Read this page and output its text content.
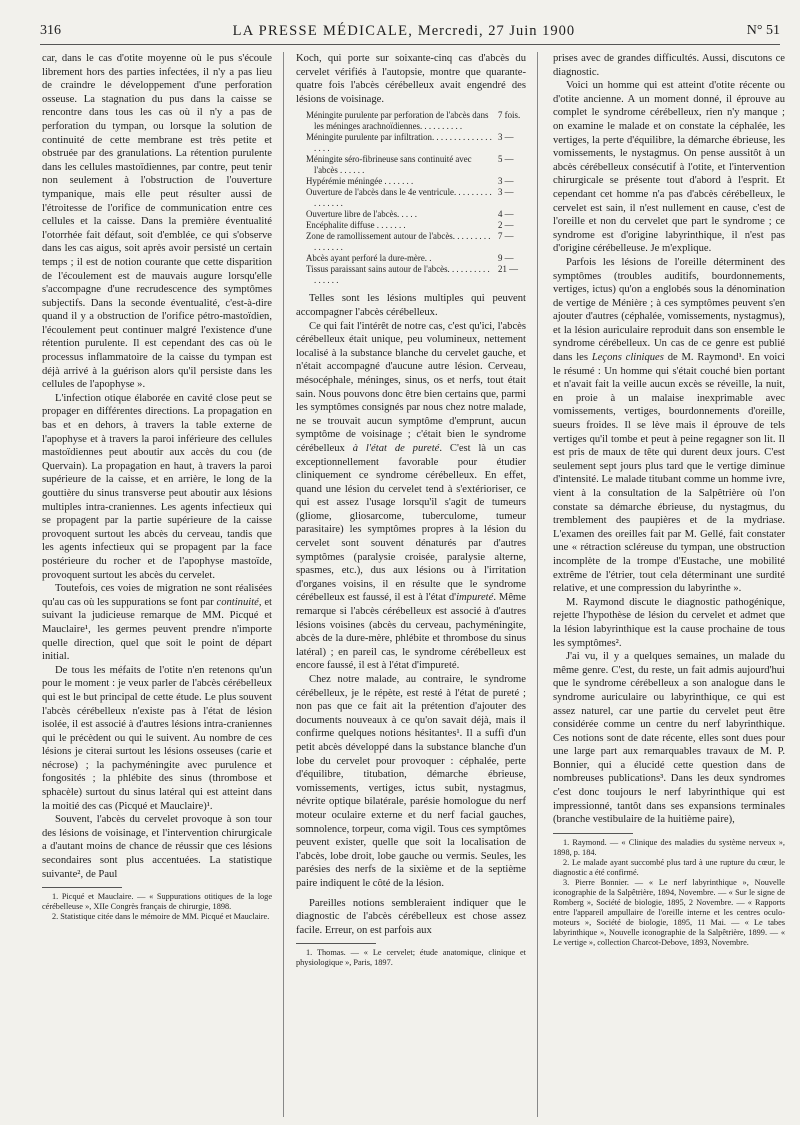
316	LA PRESSE MÉDICALE, Mercredi, 27 Juin 1900	N° 51

car, dans le cas d'otite moyenne où le pus s'écoule librement hors des parties infectées, il n'y a pas lieu de craindre le développement d'une perforation osseuse. La stagnation du pus dans la caisse se rencontre dans tous les cas où il n'y a pas de perforation du tympan, ou lorsque la solution de continuité de cette membrane est très petite et obstruée par des granulations. La rétention purulente dans les cellules mastoïdiennes, par contre, peut tenir non seulement à l'obstruction de l'ouverture tympanique, mais elle peut résulter aussi de l'étroitesse de l'orifice de communication entre ces cellules et la caisse. Dans la première éventualité l'otorrhée fait défaut, soit d'emblée, ce qui s'observe dans les cas aigus, soit après avoir persisté un certain temps ; il est de notion courante que cette disparition de l'écoulement est de mauvais augure lorsqu'elle s'accompagne d'une recrudescence des symptômes subjectifs. Dans la seconde éventualité, c'est-à-dire quand il y a obstruction de l'orifice pétro-mastoïdien, l'écoulement peut continuer malgré l'existence d'une rétention purulente. Il est cependant des cas où le processus inflammatoire de la caisse du tympan est déjà arrivé à la guérison alors qu'il persiste dans les cellules de l'apophyse ».

L'infection otique élaborée en cavité close peut se propager en différentes directions. La propagation en bas et en dehors, à travers la table externe de l'apophyse et à travers la paroi inférieure des cellules mastoïdiennes peut aboutir aux accès du cou (de Quervain). La propagation en haut, à travers la paroi supérieure de la caisse, et en arrière, le long de la gouttière du sinus transverse peut aboutir aux lésions multiples intra-craniennes. Les agents infectieux qui se propagent par la partie supérieure de la caisse provoquent surtout les abcès du cerveau, tandis que les agents infectieux qui se propagent par la face postérieure du rocher et de l'apophyse mastoïde, provoquent surtout les abcès du cervelet.

Toutefois, ces voies de migration ne sont réalisées qu'au cas où les suppurations se font par continuité, et suivant la judicieuse remarque de MM. Picqué et Mauclaire¹, les germes peuvent prendre n'importe quelle direction, quel que soit le point de départ initial.

De tous les méfaits de l'otite n'en retenons qu'un pour le moment : je veux parler de l'abcès cérébelleux qui est le but principal de cette étude. Le plus souvent l'abcès cérébelleux n'existe pas à l'état de lésion isolée, il est associé à d'autres lésions intra-craniennes qui le précèdent ou qui le suivent. Au nombre de ces lésions je citerai surtout les lésions osseuses (carie et nécrose) ; la pachyméningite avec purulence et fongosités ; la phlébite des sinus (thrombose et sphacèle) surtout du sinus latéral qui est atteint dans la moitié des cas (Picqué et Mauclaire)¹.

Souvent, l'abcès du cervelet provoque à son tour des lésions de voisinage, et l'intervention chirurgicale a d'autant moins de chance de réussir que ces lésions secondaires sont plus accentuées. La statistique suivante², de Paul

1. Picqué et Mauclaire. — « Suppurations otitiques de la loge cérébelleuse », XIIe Congrès français de chirurgie, 1898.

2. Statistique citée dans le mémoire de MM. Picqué et Mauclaire.

Koch, qui porte sur soixante-cinq cas d'abcès du cervelet vérifiés à l'autopsie, montre que quarante-quatre fois l'abcès cérébelleux avait engendré des lésions de voisinage.

Méningite purulente par perforation de l'abcès dans les méninges arachnoïdiennes. . . . . . . . . .
7 fois.
Méningite purulente par infiltration. . . . . . . . . . . . . . . . . .
3 —
Méningite séro-fibrineuse sans continuité avec l'abcès . . . . . .
5 —
Hypérémie méningée . . . . . . .	3 —
Ouverture de l'abcès dans le 4e ventricule. . . . . . . . . . . . . . . .
3 —
Ouverture libre de l'abcès. . . . .	4 —
Encéphalite diffuse . . . . . . .	2 —
Zone de ramollissement autour de l'abcès. . . . . . . . . . . . . . . .
7 —
Abcès ayant perforé la dure-mère. .	9 —
Tissus paraissant sains autour de l'abcès. . . . . . . . . . . . . . . .
21 —

Telles sont les lésions multiples qui peuvent accompagner l'abcès cérébelleux.

Ce qui fait l'intérêt de notre cas, c'est qu'ici, l'abcès cérébelleux était unique, peu volumineux, nettement localisé à la substance blanche du cervelet gauche, et n'était accompagné d'aucune autre lésion. Cerveau, mésocéphale, méninges, sinus, os et nerfs, tout était sain. Nous pouvons donc être bien certains que, parmi les symptômes consignés par nous chez notre malade, ne se trouvait aucun symptôme d'emprunt, aucun symptôme de voisinage ; c'était bien le syndrome cérébelleux à l'état de pureté. C'est là un cas exceptionnellement favorable pour étudier cliniquement ce syndrome cérébelleux. En effet, quand une lésion du cervelet tend à s'extérioriser, ce qui est assez l'usage lorsqu'il s'agit de tumeurs (gliome, gliosarcome, tuberculome, tumeur parasitaire) les symptômes propres à la lésion du cervelet sont souvent dénaturés par d'autres symptômes (paralysie croisée, paralysie alterne, spasmes, etc.), dus aux lésions ou à l'irritation d'organes voisins, il en résulte que le syndrome cérébelleux est faussé, il est à l'état d'impureté. Même remarque si l'abcès cérébelleux est associé à d'autres lésions voisines (abcès du cerveau, pachyméningite, abcès de la dure-mère, phlébite et thrombose du sinus latéral) ; en pareil cas, le syndrome cérébelleux est encore faussé, il est à l'état d'impureté.

Chez notre malade, au contraire, le syndrome cérébelleux, je le répète, est resté à l'état de pureté ; non pas que ce fait ait la prétention d'ajouter des documents nouveaux à ce qu'on savait déjà, mais il confirme quelques notions hésitantes¹. Il a suffi d'un petit abcès développé dans la substance blanche d'un lobe du cervelet pour provoquer : céphalée, perte d'équilibre, titubation, démarche ébrieuse, vomissements, vertiges, ictus subit, nystagmus, névrite optique bilatérale, parésie homologue du nerf moteur oculaire externe et du nerf facial gauches, somnolence, torpeur, coma vigil. Tous ces symptômes peuvent exister, quelle que soit la localisation de l'abcès, lobe droit, lobe gauche ou vermis. Seules, les parésies des nerfs de la sixième et de la septième paire indiquent le côté de la lésion.

Pareilles notions sembleraient indiquer que le diagnostic de l'abcès cérébelleux est chose assez facile. Erreur, on est parfois aux

1. Thomas. — « Le cervelet; étude anatomique, clinique et physiologique », Paris, 1897.

prises avec de grandes difficultés. Aussi, discutons ce diagnostic.

Voici un homme qui est atteint d'otite récente ou d'otite ancienne. A un moment donné, il éprouve au complet le syndrome cérébelleux, rien n'y manque ; on examine le malade et on constate la céphalée, les vertiges, la perte d'équilibre, la démarche ébrieuse, les vomissements, le nystagmus. On pense aussitôt à un abcès cérébelleux consécutif à l'otite, et l'intervention chirurgicale se présente tout d'abord à l'esprit. Et cependant cet homme n'a pas d'abcès cérébelleux, le cervelet est sain, il n'est nullement en cause, c'est de l'oreille et non du cervelet que part le syndrome ; ce syndrome est d'origine labyrinthique, il n'est pas d'origine cérébelleuse. Je m'explique.

Parfois les lésions de l'oreille déterminent des symptômes (troubles auditifs, bourdonnements, vertiges, ictus) qu'on a englobés sous la dénomination de vertige de Ménière ; à ces symptômes peuvent s'en ajouter d'autres (céphalée, vomissements, nystagmus), et la lésion auriculaire reproduit dans son ensemble le syndrome cérébelleux. Un cas de ce genre est publié dans les Leçons cliniques de M. Raymond¹. En voici le résumé : Un homme qui s'était couché bien portant et n'avait fait la veille aucun excès se réveille, la nuit, en proie à un malaise inexprimable avec vomissements, vertiges, bourdonnements d'oreille, sueurs froides. Il se lève mais il éprouve de tels vertiges qu'il tombe et peut à peine regagner son lit. Il est pris de maux de tête qui durent deux jours. C'est seulement sept jours plus tard que le vertige diminue d'intensité. Le malade titubant comme un homme ivre, vient à la consultation de la Salpêtrière où l'on constate sa démarche ébrieuse, du nystagmus, du tremblement des paupières et de la mydriase. L'examen des oreilles fait par M. Gellé, fait constater une « rétraction scléreuse du tympan, une obstruction incomplète de la trompe d'Eustache, une mobilité extrême de l'étrier, tout cela déterminant une surdité relative, et une compression du labyrinthe ».

M. Raymond discute le diagnostic pathogénique, rejette l'hypothèse de lésion du cervelet et admet que la lésion labyrinthique est la cause prochaine de tous les symptômes².

J'ai vu, il y a quelques semaines, un malade du même genre. C'est, du reste, un fait admis aujourd'hui que le syndrome cérébelleux a son analogue dans le syndrome auriculaire ou labyrinthique, ce qui est assez naturel, car une partie du cervelet peut être considérée comme un centre du nerf labyrinthique. Ces notions sont de date récente, elles sont dues pour une large part aux remarquables travaux de M. P. Bonnier, qui a élucidé cette question dans de nombreuses publications³. Dans les deux syndromes c'est donc toujours le nerf labyrinthique qui est impressionné, tantôt dans ses expansions terminales (branche vestibulaire de la huitième paire),

1. Raymond. — « Clinique des maladies du système nerveux », 1898, p. 184.

2. Le malade ayant succombé plus tard à une rupture du cœur, le diagnostic a été confirmé.

3. Pierre Bonnier. — « Le nerf labyrinthique », Nouvelle iconographie de la Salpêtrière, 1894, Novembre. — « Sur le signe de Romberg », Société de biologie, 1895, 2 Novembre. — « Rapports entre l'appareil ampullaire de l'oreille interne et les centres oculo-moteurs », Société de biologie, 1895, 11 Mai. — « Le tabes labyrinthique », Nouvelle iconographie de la Salpêtrière, 1899. — « Le vertige », collection Charcot-Debove, 1893, Novembre.
